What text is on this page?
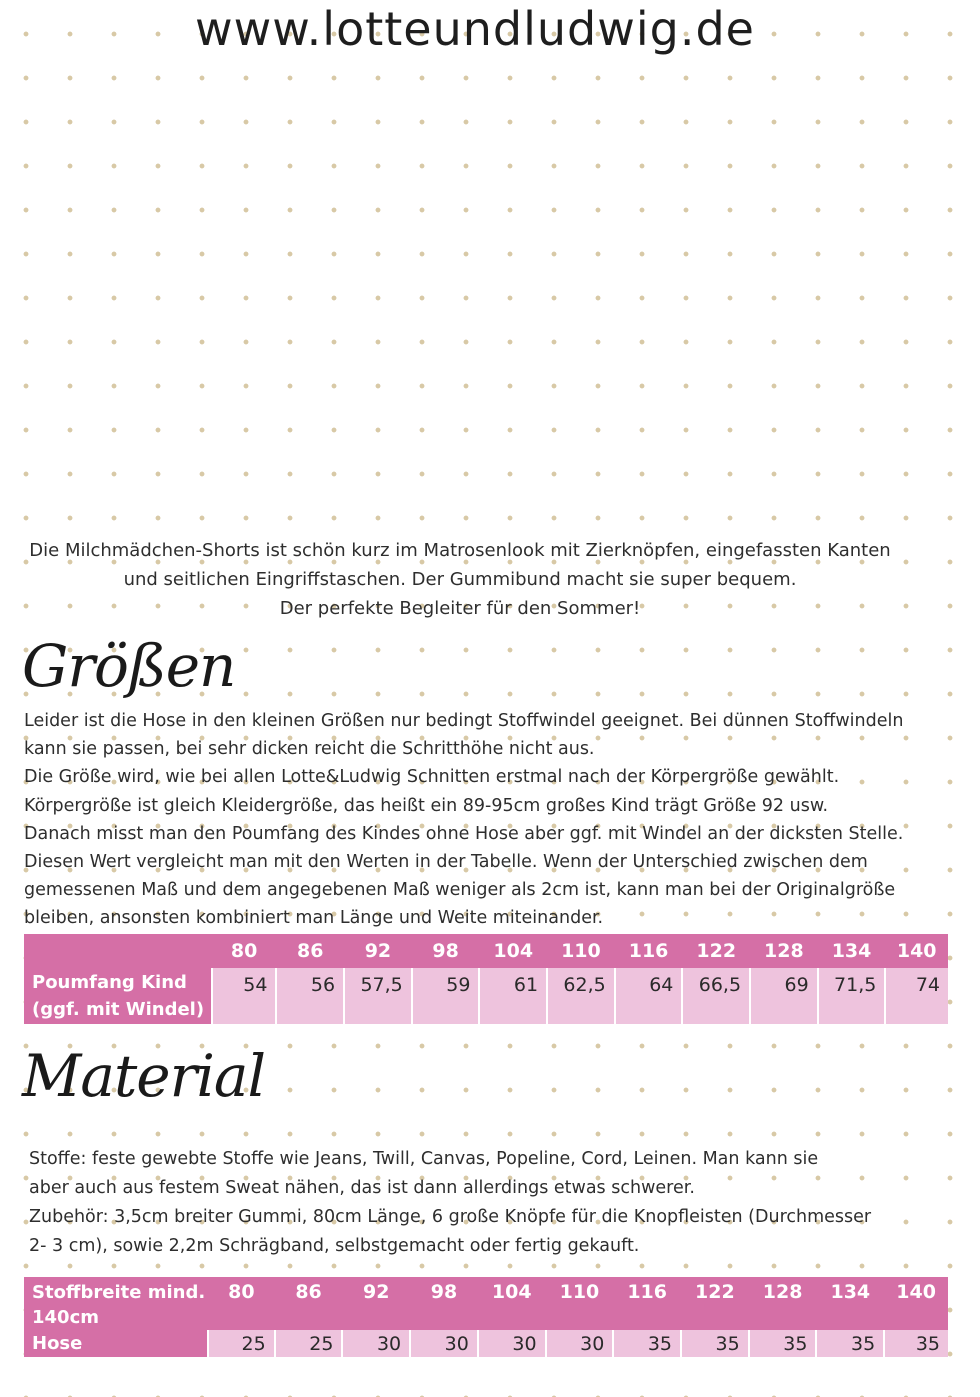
www.lotteundludwig.de

Die Milchmädchen-Shorts ist schön kurz im Matrosenlook mit Zierknöpfen, eingefassten Kanten

und seitlichen Eingriffstaschen. Der Gummibund macht sie super bequem.

Der perfekte Begleiter für den Sommer!

Größen

Leider ist die Hose in den kleinen Größen nur bedingt Stoffwindel geeignet. Bei dünnen Stoffwindeln

kann sie passen, bei sehr dicken reicht die Schritthöhe nicht aus.

Die Größe wird, wie bei allen Lotte&Ludwig Schnitten erstmal nach der Körpergröße gewählt.

Körpergröße ist gleich Kleidergröße, das heißt ein 89-95cm großes Kind trägt Größe 92 usw.

Danach misst man den Poumfang des Kindes ohne Hose aber ggf. mit Windel an der dicksten Stelle.

Diesen Wert vergleicht man mit den Werten in der Tabelle. Wenn der Unterschied zwischen dem

gemessenen Maß und dem angegebenen Maß weniger als 2cm ist, kann man bei der Originalgröße

bleiben, ansonsten kombiniert man Länge und Weite miteinander.

	80	86	92	98	104	110	116	122	128	134	140

Poumfang Kind
(ggf. mit Windel)	54	56	57,5	59	61	62,5	64	66,5	69	71,5	74
Material

Stoffe: feste gewebte Stoffe wie Jeans, Twill, Canvas, Popeline, Cord, Leinen. Man kann sie

aber auch aus festem Sweat nähen, das ist dann allerdings etwas schwerer.

Zubehör: 3,5cm breiter Gummi, 80cm Länge, 6 große Knöpfe für die Knopfleisten (Durchmesser

2- 3 cm), sowie 2,2m Schrägband, selbstgemacht oder fertig gekauft.

Stoffbreite mind.
140cm	80	86	92	98	104	110	116	122	128	134	140
Hose	25	25	30	30	30	30	35	35	35	35	35
